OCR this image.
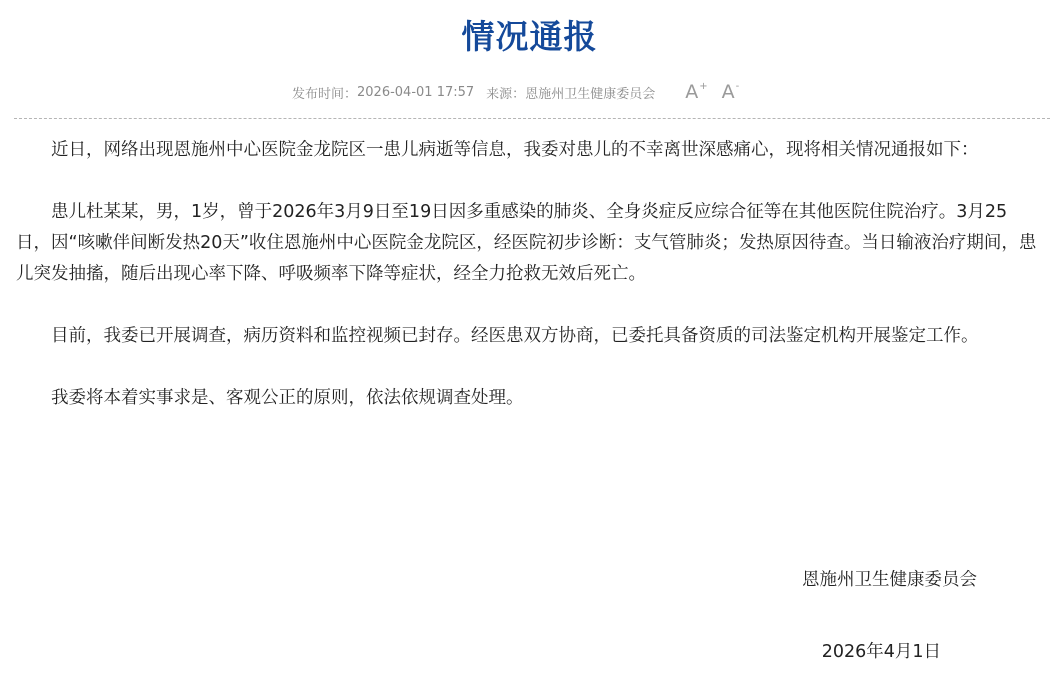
情况通报
发布时间： 2026-04-01 17:57 来源： 恩施州卫生健康委员会 A+ A-

近日，网络出现恩施州中心医院金龙院区一患儿病逝等信息，我委对患儿的不幸离世深感痛心，现将相关情况通报如下：

患儿杜某某，男，1岁，曾于2026年3月9日至19日因多重感染的肺炎、全身炎症反应综合征等在其他医院住院治疗。3月25日，因“咳嗽伴间断发热20天”收住恩施州中心医院金龙院区，经医院初步诊断：支气管肺炎；发热原因待查。当日输液治疗期间，患儿突发抽搐，随后出现心率下降、呼吸频率下降等症状，经全力抢救无效后死亡。

目前，我委已开展调查，病历资料和监控视频已封存。经医患双方协商，已委托具备资质的司法鉴定机构开展鉴定工作。

我委将本着实事求是、客观公正的原则，依法依规调查处理。

恩施州卫生健康委员会
2026年4月1日
